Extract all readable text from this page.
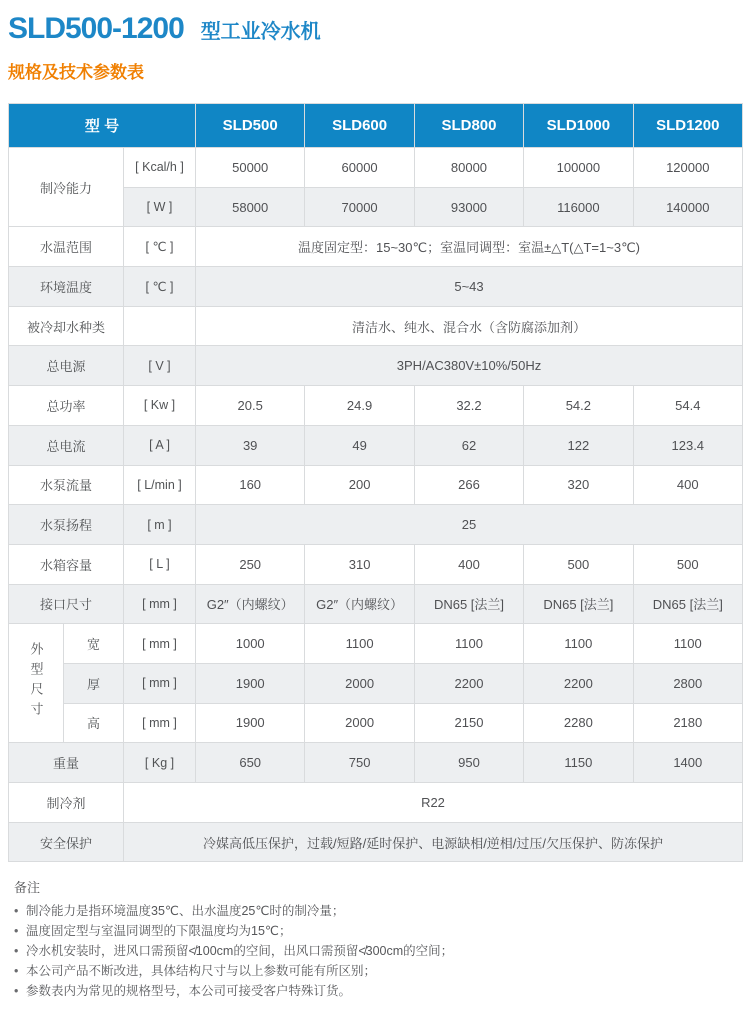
SLD500-1200 型工业冷水机
规格及技术参数表
型 号			SLD500	SLD600	SLD800	SLD1000	SLD1200
制冷能力		[ Kcal/h ]	50000	60000	80000	100000	120000
		[ W ]	58000	70000	93000	116000	140000
水温范围		[ ℃ ]	温度固定型：15~30℃；室温同调型：室温±△T(△T=1~3℃)				
环境温度		[ ℃ ]	5~43				
被冷却水种类			清洁水、纯水、混合水（含防腐添加剂）				
总电源		[ V ]	3PH/AC380V±10%/50Hz				
总功率		[ Kw ]	20.5	24.9	32.2	54.2	54.4
总电流		[ A ]	39	49	62	122	123.4
水泵流量		[ L/min ]	160	200	266	320	400
水泵扬程		[ m ]	25				
水箱容量		[ L ]	250	310	400	500	500
接口尺寸		[ mm ]	G2″（内螺纹）	G2″（内螺纹）	DN65 [法兰]	DN65 [法兰]	DN65 [法兰]
外型尺寸	宽	[ mm ]	1000	1100	1100	1100	1100
	厚	[ mm ]	1900	2000	2200	2200	2800
	高	[ mm ]	1900	2000	2150	2280	2180
重量		[ Kg ]	650	750	950	1150	1400
制冷剂		R22					
安全保护		冷媒高低压保护，过载/短路/延时保护、电源缺相/逆相/过压/欠压保护、防冻保护					
备注
• 制冷能力是指环境温度35℃、出水温度25℃时的制冷量；
• 温度固定型与室温同调型的下限温度均为15℃；
• 冷水机安装时，进风口需预留≮100cm的空间，出风口需预留≮300cm的空间；
• 本公司产品不断改进，具体结构尺寸与以上参数可能有所区别；
• 参数表内为常见的规格型号，本公司可接受客户特殊订货。
